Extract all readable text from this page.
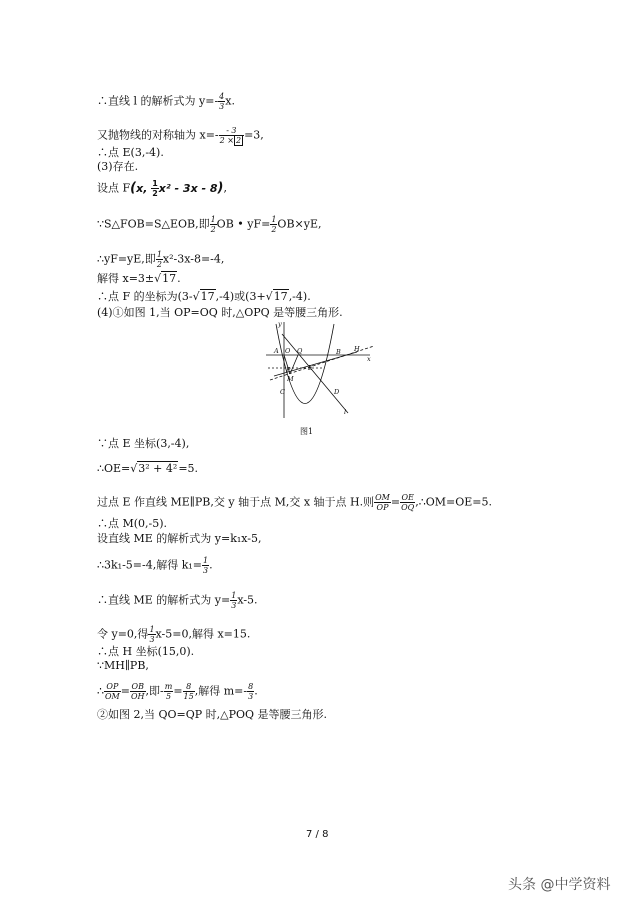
∴直线 l 的解析式为 $y=- \frac{4}{3} x$.
又抛物线的对称轴为 $x=- \frac{- 3}{2 \times 2} =3$,
∴点 E(3,-4).
(3)存在.
设点 F(x, $\frac{1}{2} x^2 - 3x - 8$),
∵S△FOB=S△EOB,即 $\frac{1}{2}$ OB • $yF= \frac{1}{2} OB\times yE$,
∴yF=yE,即 $\frac{1}{2} x^2-3x-8=-4$,
解得 x=3±√17.
∴点 F 的坐标为(3-√17,-4)或(3+√17,-4).
(4)①如图 1,当 OP=OQ 时,△OPQ 是等腰三角形.
y
x
A O Q	B H
P	E
M
C	D
l
图1
∵点 E 坐标(3,-4),
∴OE=√3² + 4²=5.
过点 E 作直线 ME∥PB,交 y 轴于点 M,交 x 轴于点 H.则 $\frac{OM}{OP} = \frac{OE}{OQ}$ ,∴OM=OE=5.
∴点 M(0,-5).
设直线 ME 的解析式为 y=k₁x-5,
∴3k₁-5=-4,解得 $k_1= \frac{1}{3}$ .
∴直线 ME 的解析式为 $y= \frac{1}{3} x-5$.
令 y=0,得 $\frac{1}{3} x-5=0$,解得 x=15.
∴点 H 坐标(15,0).
∵MH∥PB,
∴ $\frac{OP}{OM} = \frac{OB}{OH}$ ,即- $\frac{m}{5} = \frac{8}{15}$ ,解得 $m=- \frac{8}{3}$ .
②如图 2,当 QO=QP 时,△POQ 是等腰三角形.
7 / 8
头条 @中学资料
